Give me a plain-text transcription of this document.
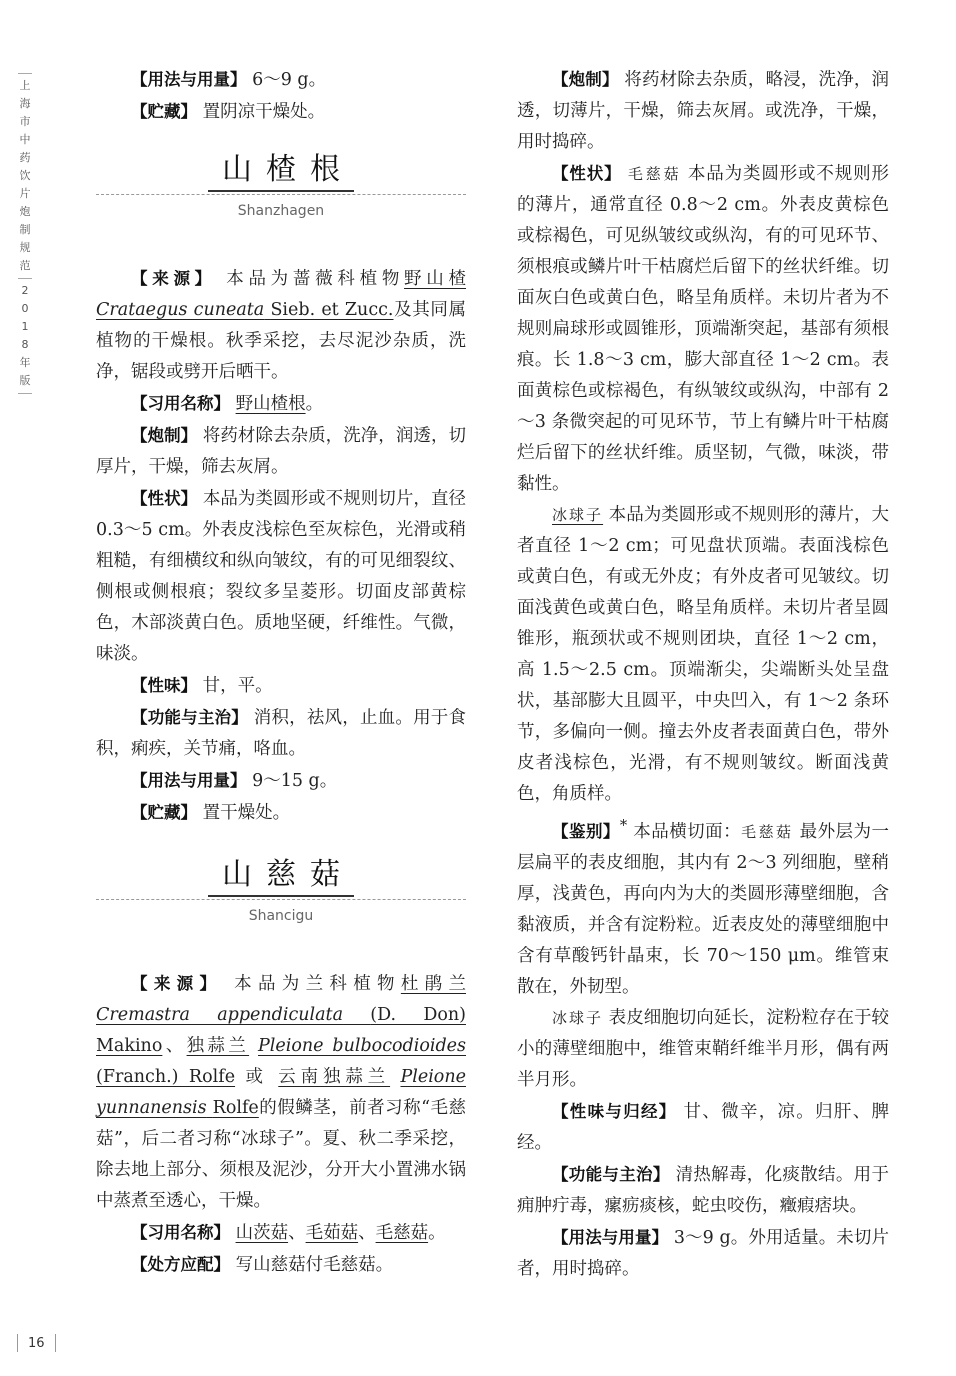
上
海
市
中
药
饮
片
炮
制
规
范
2
0
1
8
年
版

【用法与用量】 6～9 g。

【贮藏】 置阴凉干燥处。

山楂根
Shanzhagen

【来源】 本品为蔷薇科植物野山楂 Crataegus cuneata Sieb. et Zucc.及其同属植物的干燥根。秋季采挖，去尽泥沙杂质，洗净，锯段或劈开后晒干。

【习用名称】 野山楂根。

【炮制】 将药材除去杂质，洗净，润透，切厚片，干燥，筛去灰屑。

【性状】 本品为类圆形或不规则切片，直径 0.3～5 cm。外表皮浅棕色至灰棕色，光滑或稍粗糙，有细横纹和纵向皱纹，有的可见细裂纹、侧根或侧根痕；裂纹多呈菱形。切面皮部黄棕色，木部淡黄白色。质地坚硬，纤维性。气微，味淡。

【性味】 甘，平。

【功能与主治】 消积，祛风，止血。用于食积，痢疾，关节痛，咯血。

【用法与用量】 9～15 g。

【贮藏】 置干燥处。

山慈菇
Shancigu

【来源】 本品为兰科植物杜鹃兰 Cremastra appendiculata (D. Don) Makino、独蒜兰 Pleione bulbocodioides (Franch.) Rolfe 或 云南独蒜兰 Pleione yunnanensis Rolfe的假鳞茎，前者习称“毛慈菇”，后二者习称“冰球子”。夏、秋二季采挖，除去地上部分、须根及泥沙，分开大小置沸水锅中蒸煮至透心，干燥。

【习用名称】 山茨菇、毛茹菇、毛慈菇。

【处方应配】 写山慈菇付毛慈菇。

【炮制】 将药材除去杂质，略浸，洗净，润透，切薄片，干燥，筛去灰屑。或洗净，干燥，用时捣碎。

【性状】 毛慈菇 本品为类圆形或不规则形的薄片，通常直径 0.8～2 cm。外表皮黄棕色或棕褐色，可见纵皱纹或纵沟，有的可见环节、须根痕或鳞片叶干枯腐烂后留下的丝状纤维。切面灰白色或黄白色，略呈角质样。未切片者为不规则扁球形或圆锥形，顶端渐突起，基部有须根痕。长 1.8～3 cm，膨大部直径 1～2 cm。表面黄棕色或棕褐色，有纵皱纹或纵沟，中部有 2～3 条微突起的可见环节，节上有鳞片叶干枯腐烂后留下的丝状纤维。质坚韧，气微，味淡，带黏性。

冰球子 本品为类圆形或不规则形的薄片，大者直径 1～2 cm；可见盘状顶端。表面浅棕色或黄白色，有或无外皮；有外皮者可见皱纹。切面浅黄色或黄白色，略呈角质样。未切片者呈圆锥形，瓶颈状或不规则团块，直径 1～2 cm，高 1.5～2.5 cm。顶端渐尖，尖端断头处呈盘状，基部膨大且圆平，中央凹入，有 1～2 条环节，多偏向一侧。撞去外皮者表面黄白色，带外皮者浅棕色，光滑，有不规则皱纹。断面浅黄色，角质样。

【鉴别】* 本品横切面：毛慈菇 最外层为一层扁平的表皮细胞，其内有 2～3 列细胞，壁稍厚，浅黄色，再向内为大的类圆形薄壁细胞，含黏液质，并含有淀粉粒。近表皮处的薄壁细胞中含有草酸钙针晶束，长 70～150 μm。维管束散在，外韧型。

冰球子 表皮细胞切向延长，淀粉粒存在于较小的薄壁细胞中，维管束鞘纤维半月形，偶有两半月形。

【性味与归经】 甘、微辛，凉。归肝、脾经。

【功能与主治】 清热解毒，化痰散结。用于痈肿疔毒，瘰疬痰核，蛇虫咬伤，癥瘕痞块。

【用法与用量】 3～9 g。外用适量。未切片者，用时捣碎。

16
